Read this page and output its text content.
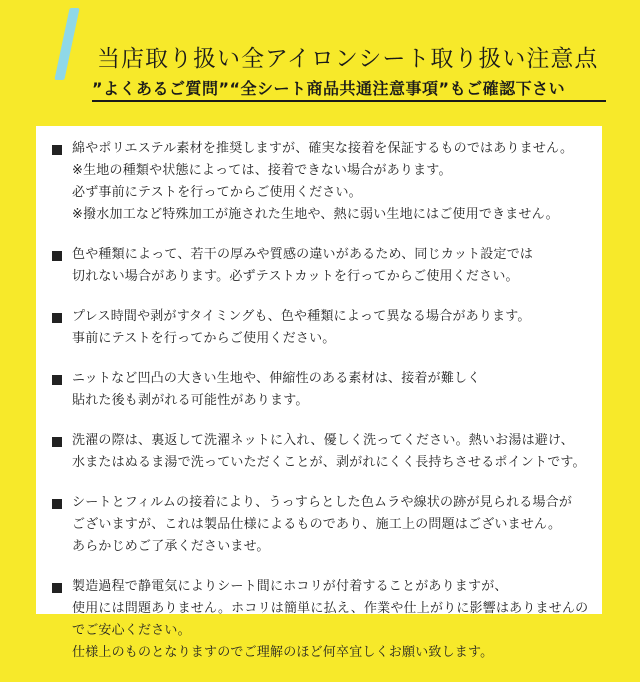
当店取り扱い全アイロンシート取り扱い注意点
”よくあるご質問”“全シート商品共通注意事項”もご確認下さい
綿やポリエステル素材を推奨しますが、確実な接着を保証するものではありません。
※生地の種類や状態によっては、接着できない場合があります。
必ず事前にテストを行ってからご使用ください。
※撥水加工など特殊加工が施された生地や、熱に弱い生地にはご使用できません。
色や種類によって、若干の厚みや質感の違いがあるため、同じカット設定では
切れない場合があります。必ずテストカットを行ってからご使用ください。
プレス時間や剥がすタイミングも、色や種類によって異なる場合があります。
事前にテストを行ってからご使用ください。
ニットなど凹凸の大きい生地や、伸縮性のある素材は、接着が難しく
貼れた後も剥がれる可能性があります。
洗濯の際は、裏返して洗濯ネットに入れ、優しく洗ってください。熱いお湯は避け、
水またはぬるま湯で洗っていただくことが、剥がれにくく長持ちさせるポイントです。
シートとフィルムの接着により、うっすらとした色ムラや線状の跡が見られる場合が
ございますが、これは製品仕様によるものであり、施工上の問題はございません。
あらかじめご了承くださいませ。
製造過程で静電気によりシート間にホコリが付着することがありますが、
使用には問題ありません。ホコリは簡単に払え、作業や仕上がりに影響はありませんの
でご安心ください。
仕様上のものとなりますのでご理解のほど何卒宜しくお願い致します。
